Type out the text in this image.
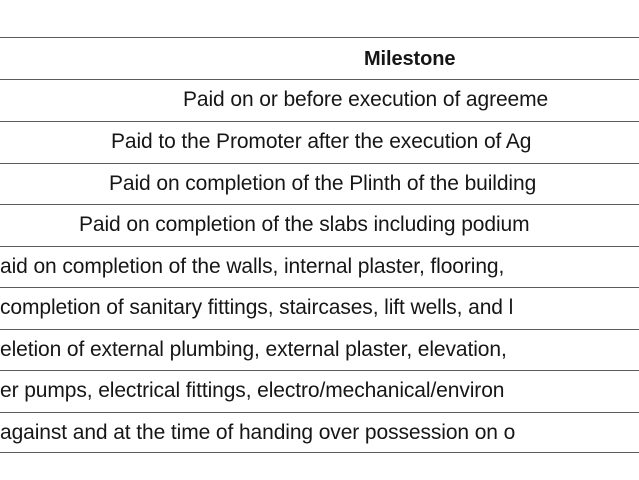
Milestone
Paid on or before execution of agreeme
Paid to the Promoter after the execution of Ag
Paid on completion of the Plinth of the building
Paid on completion of the slabs including podium
aid on completion of the walls, internal plaster, flooring,
completion of sanitary fittings, staircases, lift wells, and l
eletion of external plumbing, external plaster, elevation,
er pumps, electrical fittings, electro/mechanical/environ
against and at the time of handing over possession on o
